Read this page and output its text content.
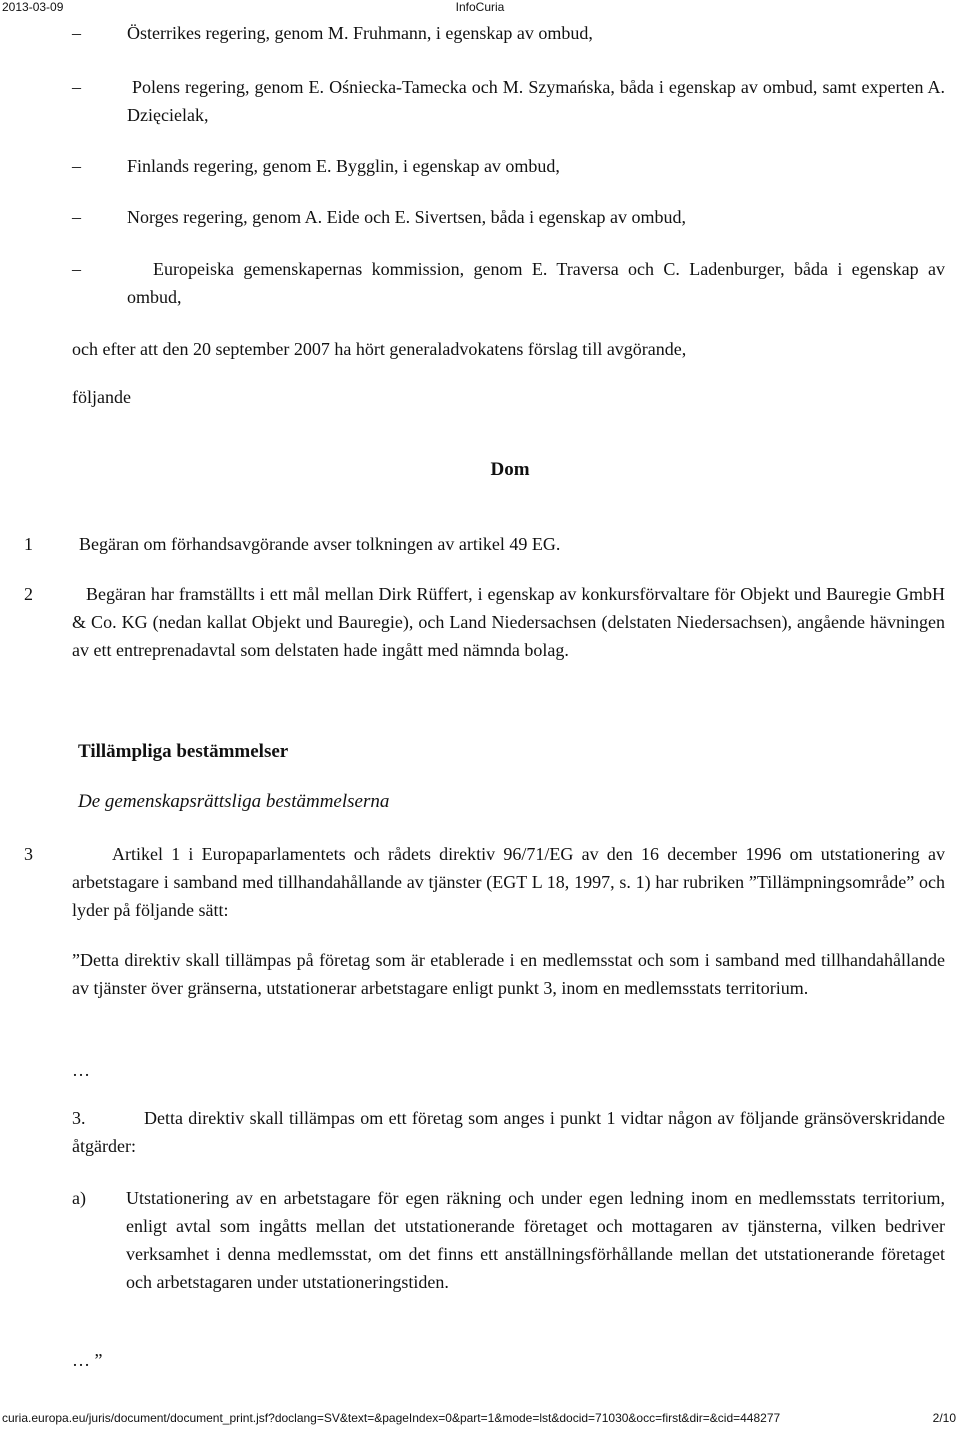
2013-03-09	InfoCuria
–	Österrikes regering, genom M. Fruhmann, i egenskap av ombud,

–	Polens regering, genom E. Ośniecka-Tamecka och M. Szymańska, båda i egenskap av ombud, samt experten A. Dzięcielak,

–	Finlands regering, genom E. Bygglin, i egenskap av ombud,

–	Norges regering, genom A. Eide och E. Sivertsen, båda i egenskap av ombud,

–	Europeiska gemenskapernas kommission, genom E. Traversa och C. Ladenburger, båda i egenskap av ombud,

och efter att den 20 september 2007 ha hört generaladvokatens förslag till avgörande,

följande

Dom
1	Begäran om förhandsavgörande avser tolkningen av artikel 49 EG.

2	Begäran har framställts i ett mål mellan Dirk Rüffert, i egenskap av konkursförvaltare för Objekt und Bauregie GmbH & Co. KG (nedan kallat Objekt und Bauregie), och Land Niedersachsen (delstaten Niedersachsen), angående hävningen av ett entreprenadavtal som delstaten hade ingått med nämnda bolag.

Tillämpliga bestämmelser
De gemenskapsrättsliga bestämmelserna
3	Artikel 1 i Europaparlamentets och rådets direktiv 96/71/EG av den 16 december 1996 om utstationering av arbetstagare i samband med tillhandahållande av tjänster (EGT L 18, 1997, s. 1) har rubriken ”Tillämpningsområde” och lyder på följande sätt:

”Detta direktiv skall tillämpas på företag som är etablerade i en medlemsstat och som i samband med tillhandahållande av tjänster över gränserna, utstationerar arbetstagare enligt punkt 3, inom en medlemsstats territorium.

…

3.	Detta direktiv skall tillämpas om ett företag som anges i punkt 1 vidtar någon av följande gränsöverskridande åtgärder:

a) Utstationering av en arbetstagare för egen räkning och under egen ledning inom en medlemsstats territorium, enligt avtal som ingåtts mellan det utstationerande företaget och mottagaren av tjänsterna, vilken bedriver verksamhet i denna medlemsstat, om det finns ett anställningsförhållande mellan det utstationerande företaget och arbetstagaren under utstationeringstiden.

… ”

curia.europa.eu/juris/document/document_print.jsf?doclang=SV&text=&pageIndex=0&part=1&mode=lst&docid=71030&occ=first&dir=&cid=448277	2/10
